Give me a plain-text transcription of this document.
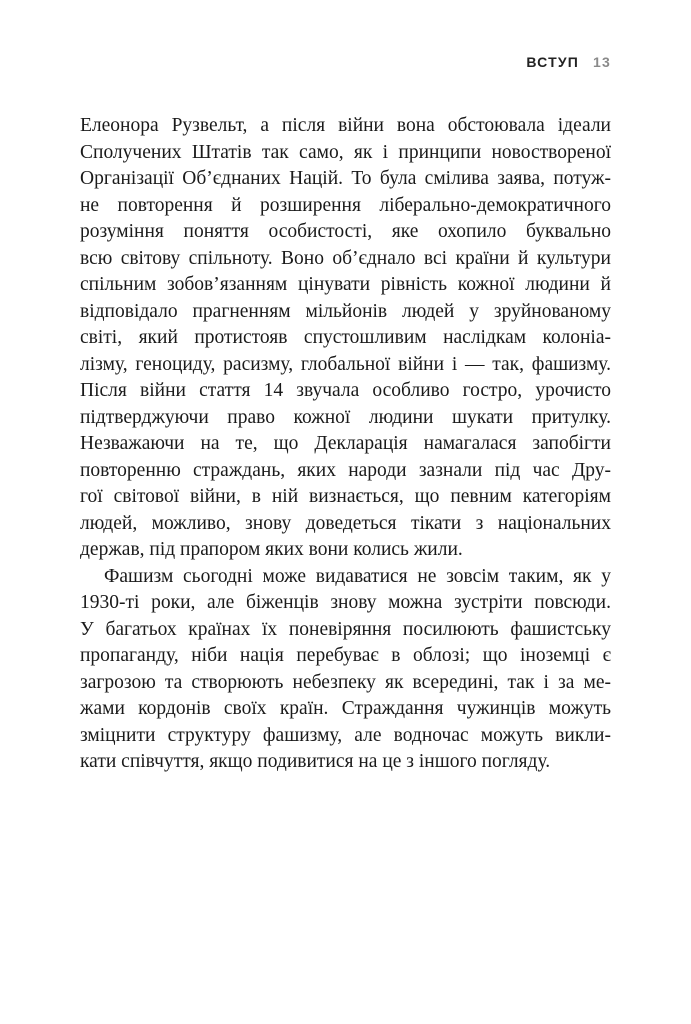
ВСТУП 13
Елеонора Рузвельт, а після війни вона обстоювала ідеали
Сполучених Штатів так само, як і принципи новоствореної
Організації Об’єднаних Націй. То була смілива заява, потуж-
не повторення й розширення ліберально-демократичного
розуміння поняття особистості, яке охопило буквально
всю світову спільноту. Воно об’єднало всі країни й культури
спільним зобов’язанням цінувати рівність кожної людини й
відповідало прагненням мільйонів людей у зруйнованому
світі, який протистояв спустошливим наслідкам колоніа-
лізму, геноциду, расизму, глобальної війни і — так, фашизму.
Після війни стаття 14 звучала особливо гостро, урочисто
підтверджуючи право кожної людини шукати притулку.
Незважаючи на те, що Декларація намагалася запобігти
повторенню страждань, яких народи зазнали під час Дру-
гої світової війни, в ній визнається, що певним категоріям
людей, можливо, знову доведеться тікати з національних
держав, під прапором яких вони колись жили.
Фашизм сьогодні може видаватися не зовсім таким, як у
1930-ті роки, але біженців знову можна зустріти повсюди.
У багатьох країнах їх поневіряння посилюють фашистську
пропаганду, ніби нація перебуває в облозі; що іноземці є
загрозою та створюють небезпеку як всередині, так і за ме-
жами кордонів своїх країн. Страждання чужинців можуть
зміцнити структуру фашизму, але водночас можуть викли-
кати співчуття, якщо подивитися на це з іншого погляду.
